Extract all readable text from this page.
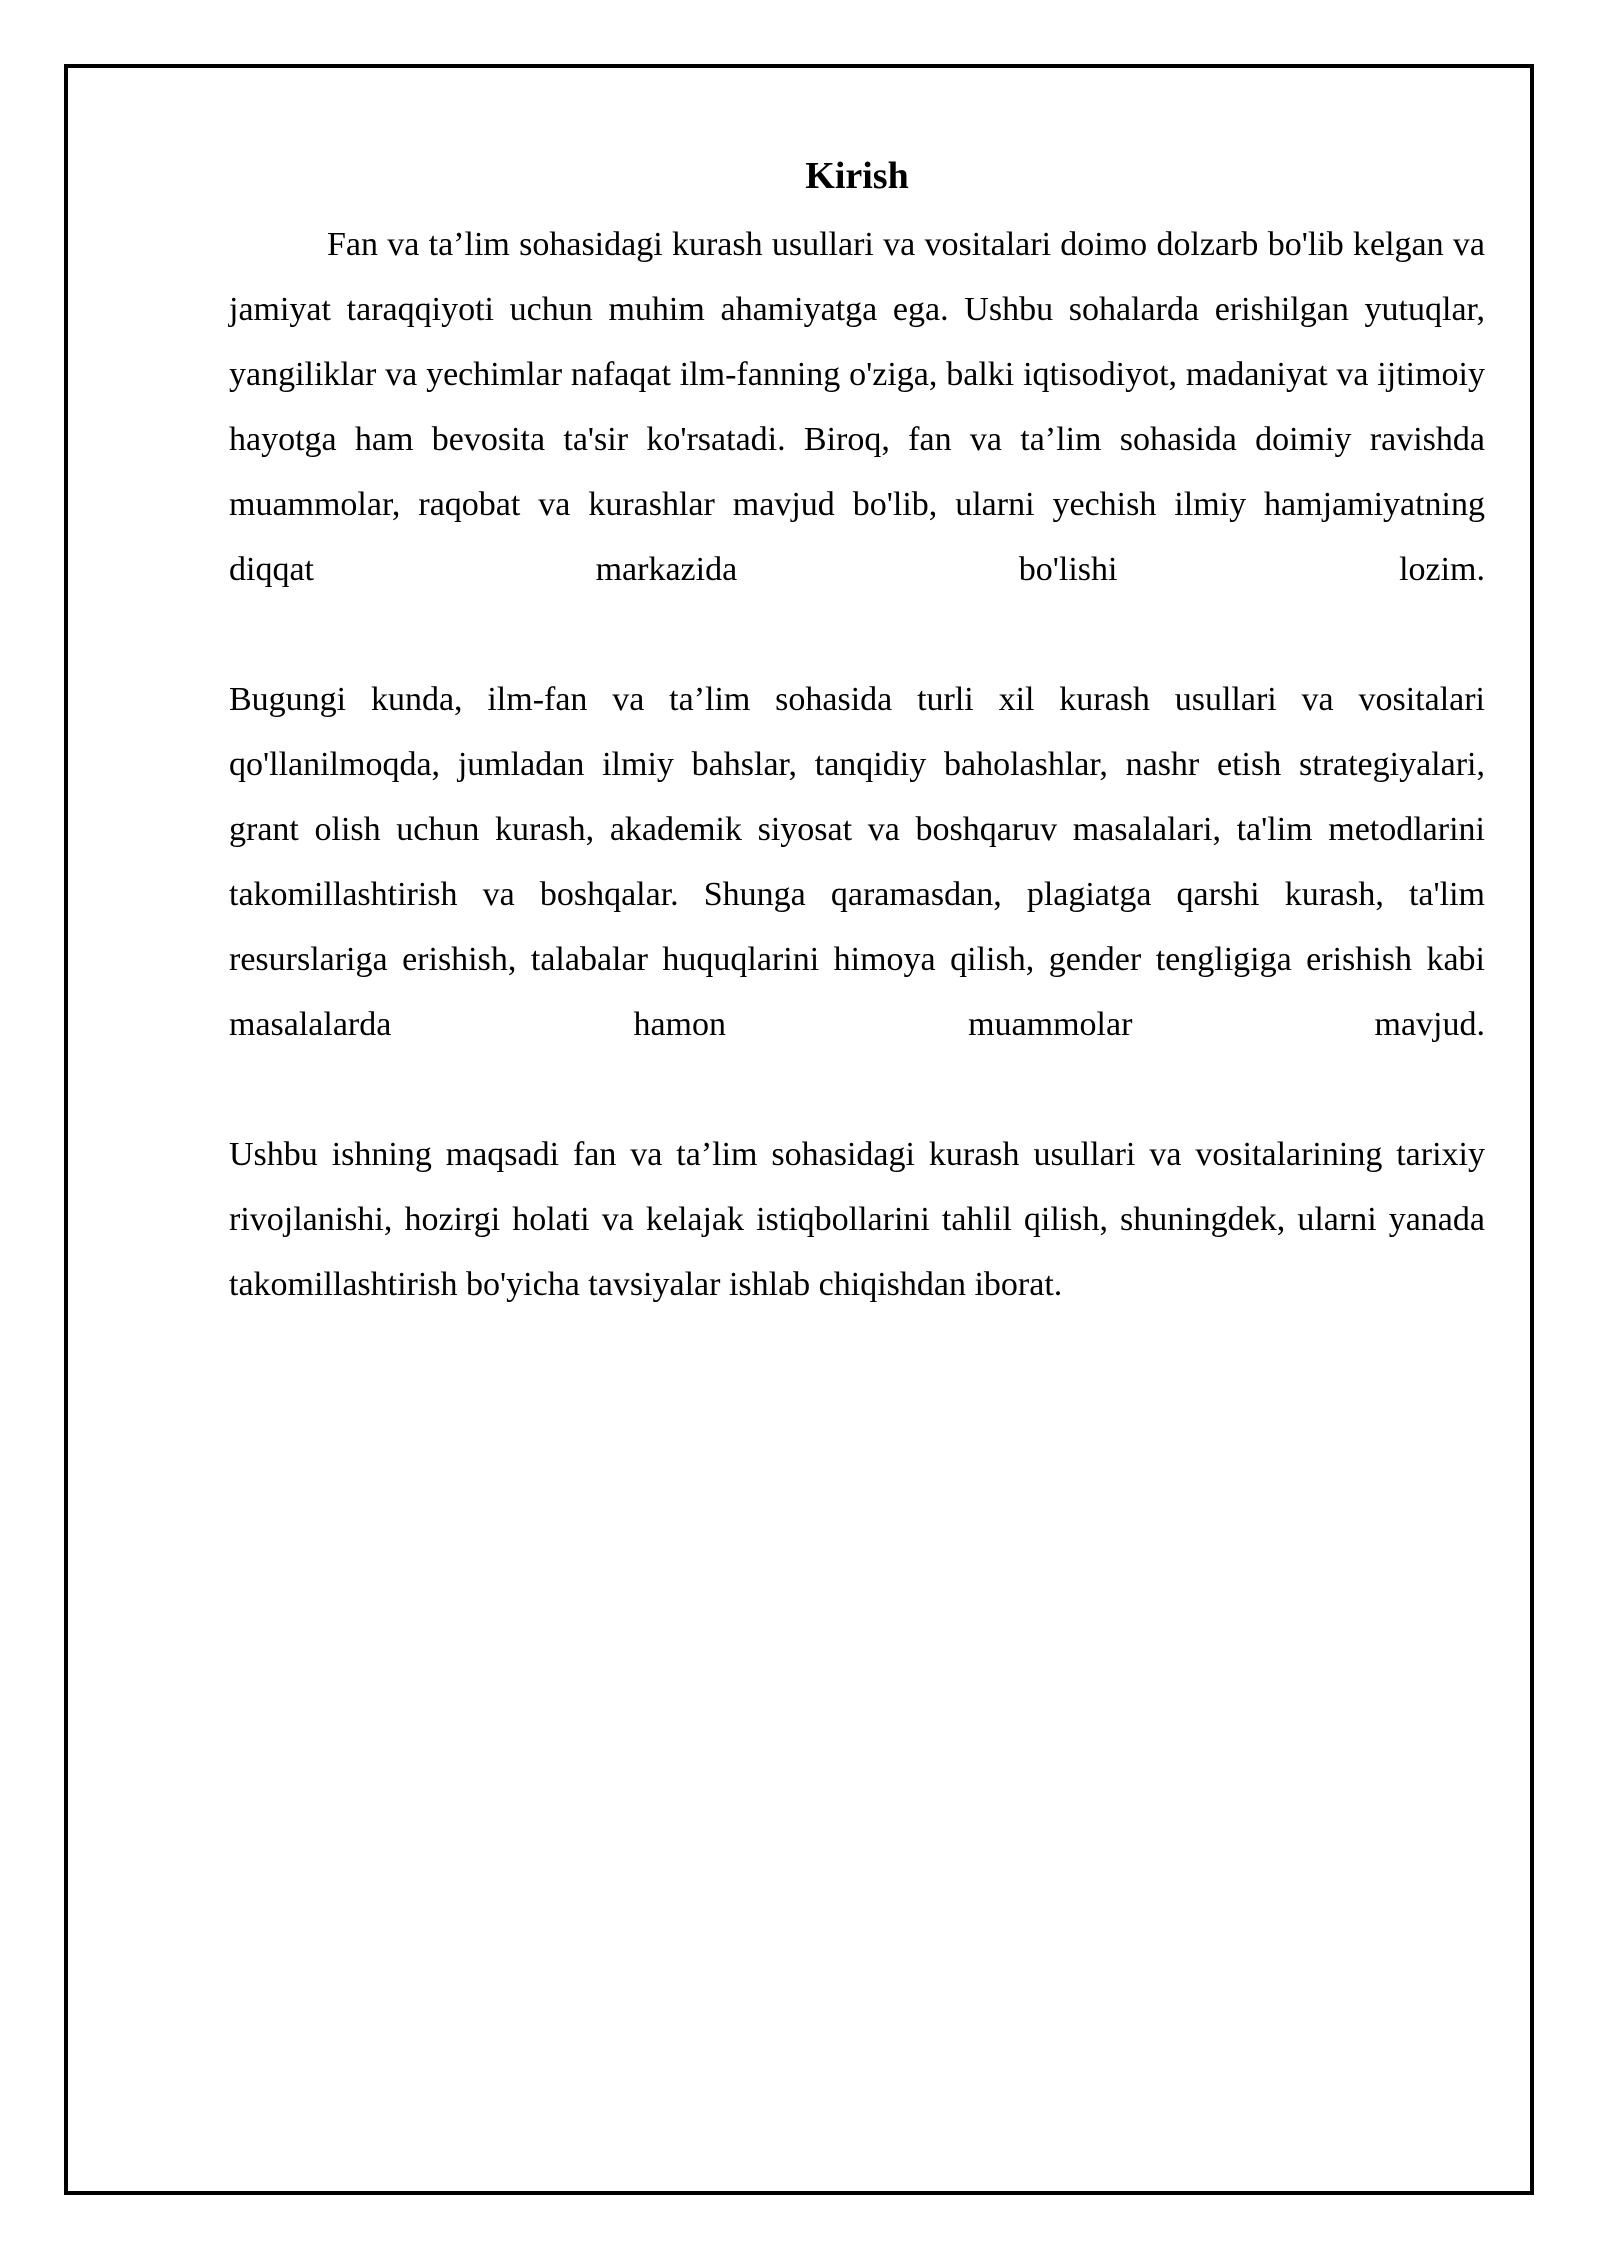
Kirish

Fan va ta’lim sohasidagi kurash usullari va vositalari doimo dolzarb bo'lib kelgan va jamiyat taraqqiyoti uchun muhim ahamiyatga ega. Ushbu sohalarda erishilgan yutuqlar, yangiliklar va yechimlar nafaqat ilm-fanning o'ziga, balki iqtisodiyot, madaniyat va ijtimoiy hayotga ham bevosita ta'sir ko'rsatadi. Biroq, fan va ta’lim sohasida doimiy ravishda muammolar, raqobat va kurashlar mavjud bo'lib, ularni yechish ilmiy hamjamiyatning diqqat markazida bo'lishi lozim.

Bugungi kunda, ilm-fan va ta’lim sohasida turli xil kurash usullari va vositalari qo'llanilmoqda, jumladan ilmiy bahslar, tanqidiy baholashlar, nashr etish strategiyalari, grant olish uchun kurash, akademik siyosat va boshqaruv masalalari, ta'lim metodlarini takomillashtirish va boshqalar. Shunga qaramasdan, plagiatga qarshi kurash, ta'lim resurslariga erishish, talabalar huquqlarini himoya qilish, gender tengligiga erishish kabi masalalarda hamon muammolar mavjud.

Ushbu ishning maqsadi fan va ta’lim sohasidagi kurash usullari va vositalarining tarixiy rivojlanishi, hozirgi holati va kelajak istiqbollarini tahlil qilish, shuningdek, ularni yanada takomillashtirish bo'yicha tavsiyalar ishlab chiqishdan iborat.
